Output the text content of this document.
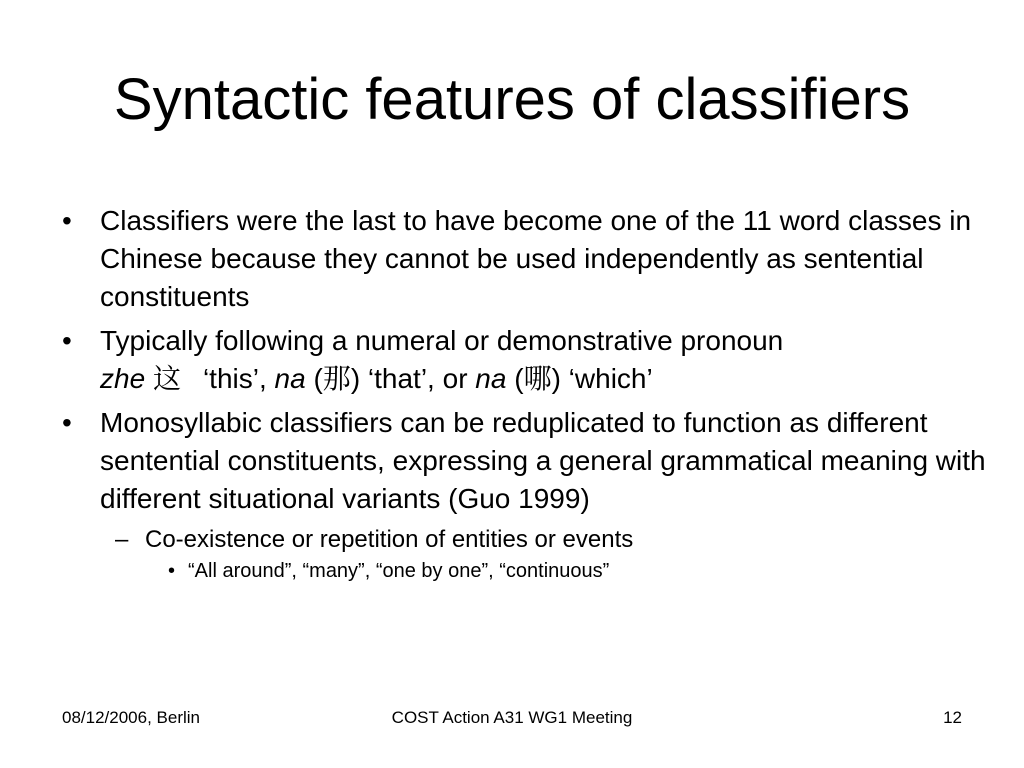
Syntactic features of classifiers
• Classifiers were the last to have become one of the 11 word classes in Chinese because they cannot be used independently as sentential constituents
• Typically following a numeral or demonstrative pronoun
zhe 这 ‘this’, na (那) ‘that’, or na (哪) ‘which’
• Monosyllabic classifiers can be reduplicated to function as different sentential constituents, expressing a general grammatical meaning with different situational variants (Guo 1999)
– Co-existence or repetition of entities or events
• “All around”, “many”, “one by one”, “continuous”
08/12/2006, Berlin	COST Action A31 WG1 Meeting	12
